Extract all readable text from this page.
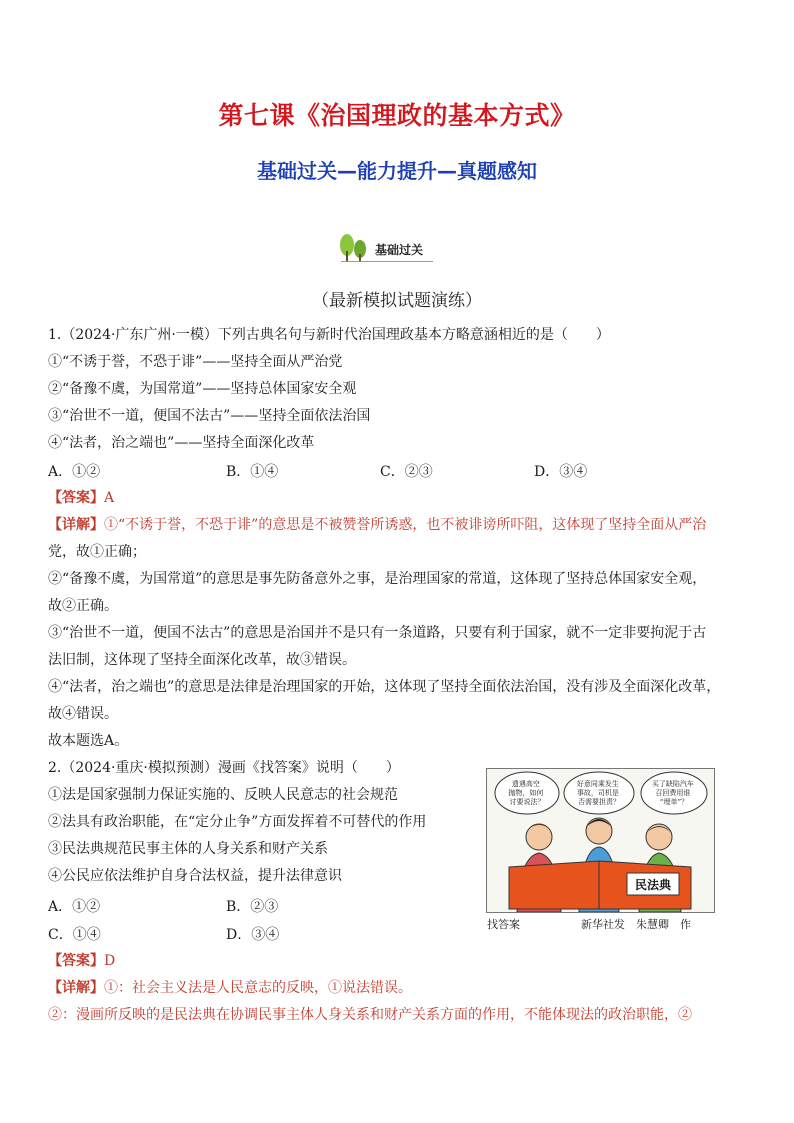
第七课《治国理政的基本方式》
基础过关—能力提升—真题感知
基础过关
（最新模拟试题演练）
1.（2024·广东广州·一模）下列古典名句与新时代治国理政基本方略意涵相近的是（　　）
①“不诱于誉，不恐于诽”——坚持全面从严治党
②“备豫不虞，为国常道”——坚持总体国家安全观
③“治世不一道，便国不法古”——坚持全面依法治国
④“法者，治之端也”——坚持全面深化改革
A．①②	B．①④	C．②③	D．③④
【答案】A
【详解】①“不诱于誉，不恐于诽”的意思是不被赞誉所诱惑，也不被诽谤所吓阻，这体现了坚持全面从严治
党，故①正确；
②“备豫不虞，为国常道”的意思是事先防备意外之事，是治理国家的常道，这体现了坚持总体国家安全观，
故②正确。
③“治世不一道，便国不法古”的意思是治国并不是只有一条道路，只要有利于国家，就不一定非要拘泥于古
法旧制，这体现了坚持全面深化改革，故③错误。
④“法者，治之端也”的意思是法律是治理国家的开始，这体现了坚持全面依法治国，没有涉及全面深化改革，
故④错误。
故本题选A。
2.（2024·重庆·模拟预测）漫画《找答案》说明（　　）
①法是国家强制力保证实施的、反映人民意志的社会规范
②法具有政治职能，在“定分止争”方面发挥着不可替代的作用
③民法典规范民事主体的人身关系和财产关系
④公民应依法维护自身合法权益，提升法律意识
A．①②	B．②③
C．①④	D．③④
【答案】D
【详解】①：社会主义法是人民意志的反映，①说法错误。
②：漫画所反映的是民法典在协调民事主体人身关系和财产关系方面的作用，不能体现法的政治职能，②
遗遇高空 抛物，如何 讨要说法？
好意同乘发生 事故，司机是 否需要担责？
买了缺陷汽车 召回费用谁 “埋单”？
民法典
找答案	新华社发　朱慧卿　作
